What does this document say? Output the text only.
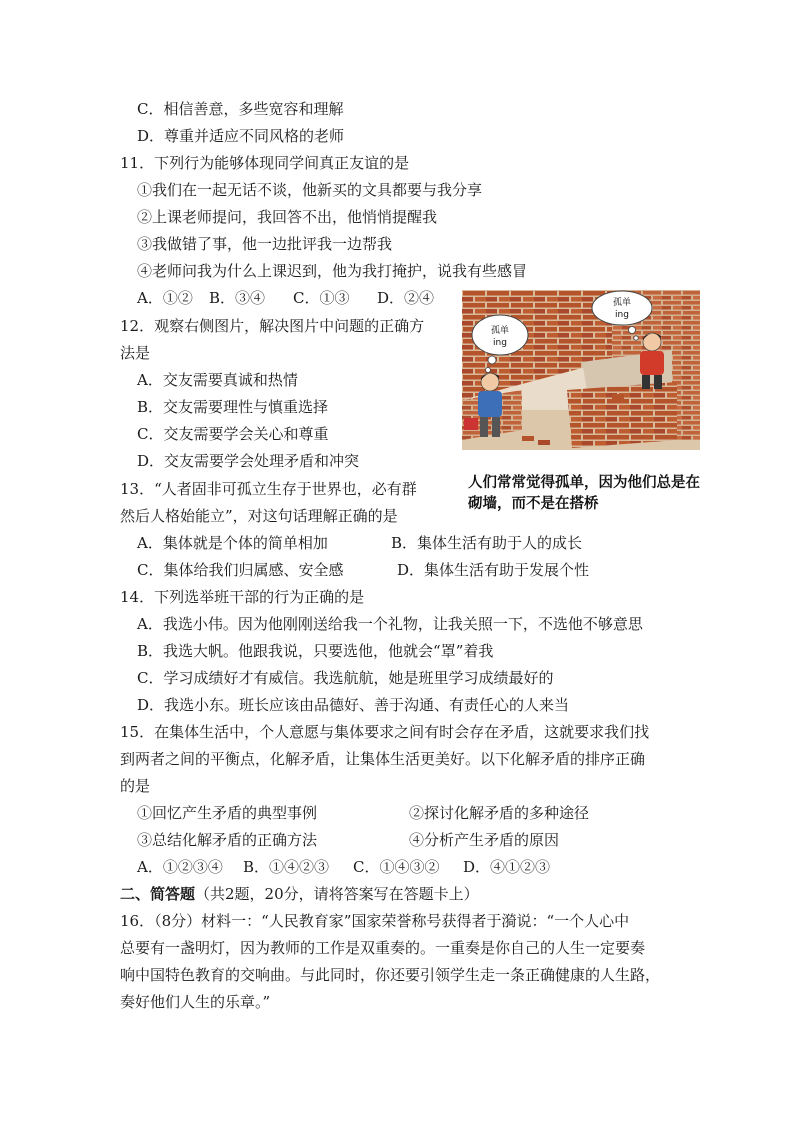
C．相信善意，多些宽容和理解
D．尊重并适应不同风格的老师
11．下列行为能够体现同学间真正友谊的是
①我们在一起无话不谈，他新买的文具都要与我分享
②上课老师提问，我回答不出，他悄悄提醒我
③我做错了事，他一边批评我一边帮我
④老师问我为什么上课迟到，他为我打掩护，说我有些感冒
A．①② B．③④ C．①③ D．②④
12．观察右侧图片，解决图片中问题的正确方
法是
A．交友需要真诚和热情
B．交友需要理性与慎重选择
C．交友需要学会关心和尊重
D．交友需要学会处理矛盾和冲突
孤单
ing
孤单
ing
人们常常觉得孤单，因为他们总是在砌墙，而不是在搭桥
13．“人者固非可孤立生存于世界也，必有群
然后人格始能立”，对这句话理解正确的是
A．集体就是个体的简单相加	B．集体生活有助于人的成长
C．集体给我们归属感、安全感	D．集体生活有助于发展个性
14．下列选举班干部的行为正确的是
A．我选小伟。因为他刚刚送给我一个礼物，让我关照一下，不选他不够意思
B．我选大帆。他跟我说，只要选他，他就会“罩”着我
C．学习成绩好才有威信。我选航航，她是班里学习成绩最好的
D．我选小东。班长应该由品德好、善于沟通、有责任心的人来当
15．在集体生活中，个人意愿与集体要求之间有时会存在矛盾，这就要求我们找
到两者之间的平衡点，化解矛盾，让集体生活更美好。以下化解矛盾的排序正确
的是
①回忆产生矛盾的典型事例	②探讨化解矛盾的多种途径
③总结化解矛盾的正确方法	④分析产生矛盾的原因
A．①②③④ B．①④②③ C．①④③② D．④①②③
二、简答题（共2题，20分，请将答案写在答题卡上）
16．（8分）材料一：“人民教育家”国家荣誉称号获得者于漪说：“一个人心中
总要有一盏明灯，因为教师的工作是双重奏的。一重奏是你自己的人生一定要奏
响中国特色教育的交响曲。与此同时，你还要引领学生走一条正确健康的人生路，
奏好他们人生的乐章。”
